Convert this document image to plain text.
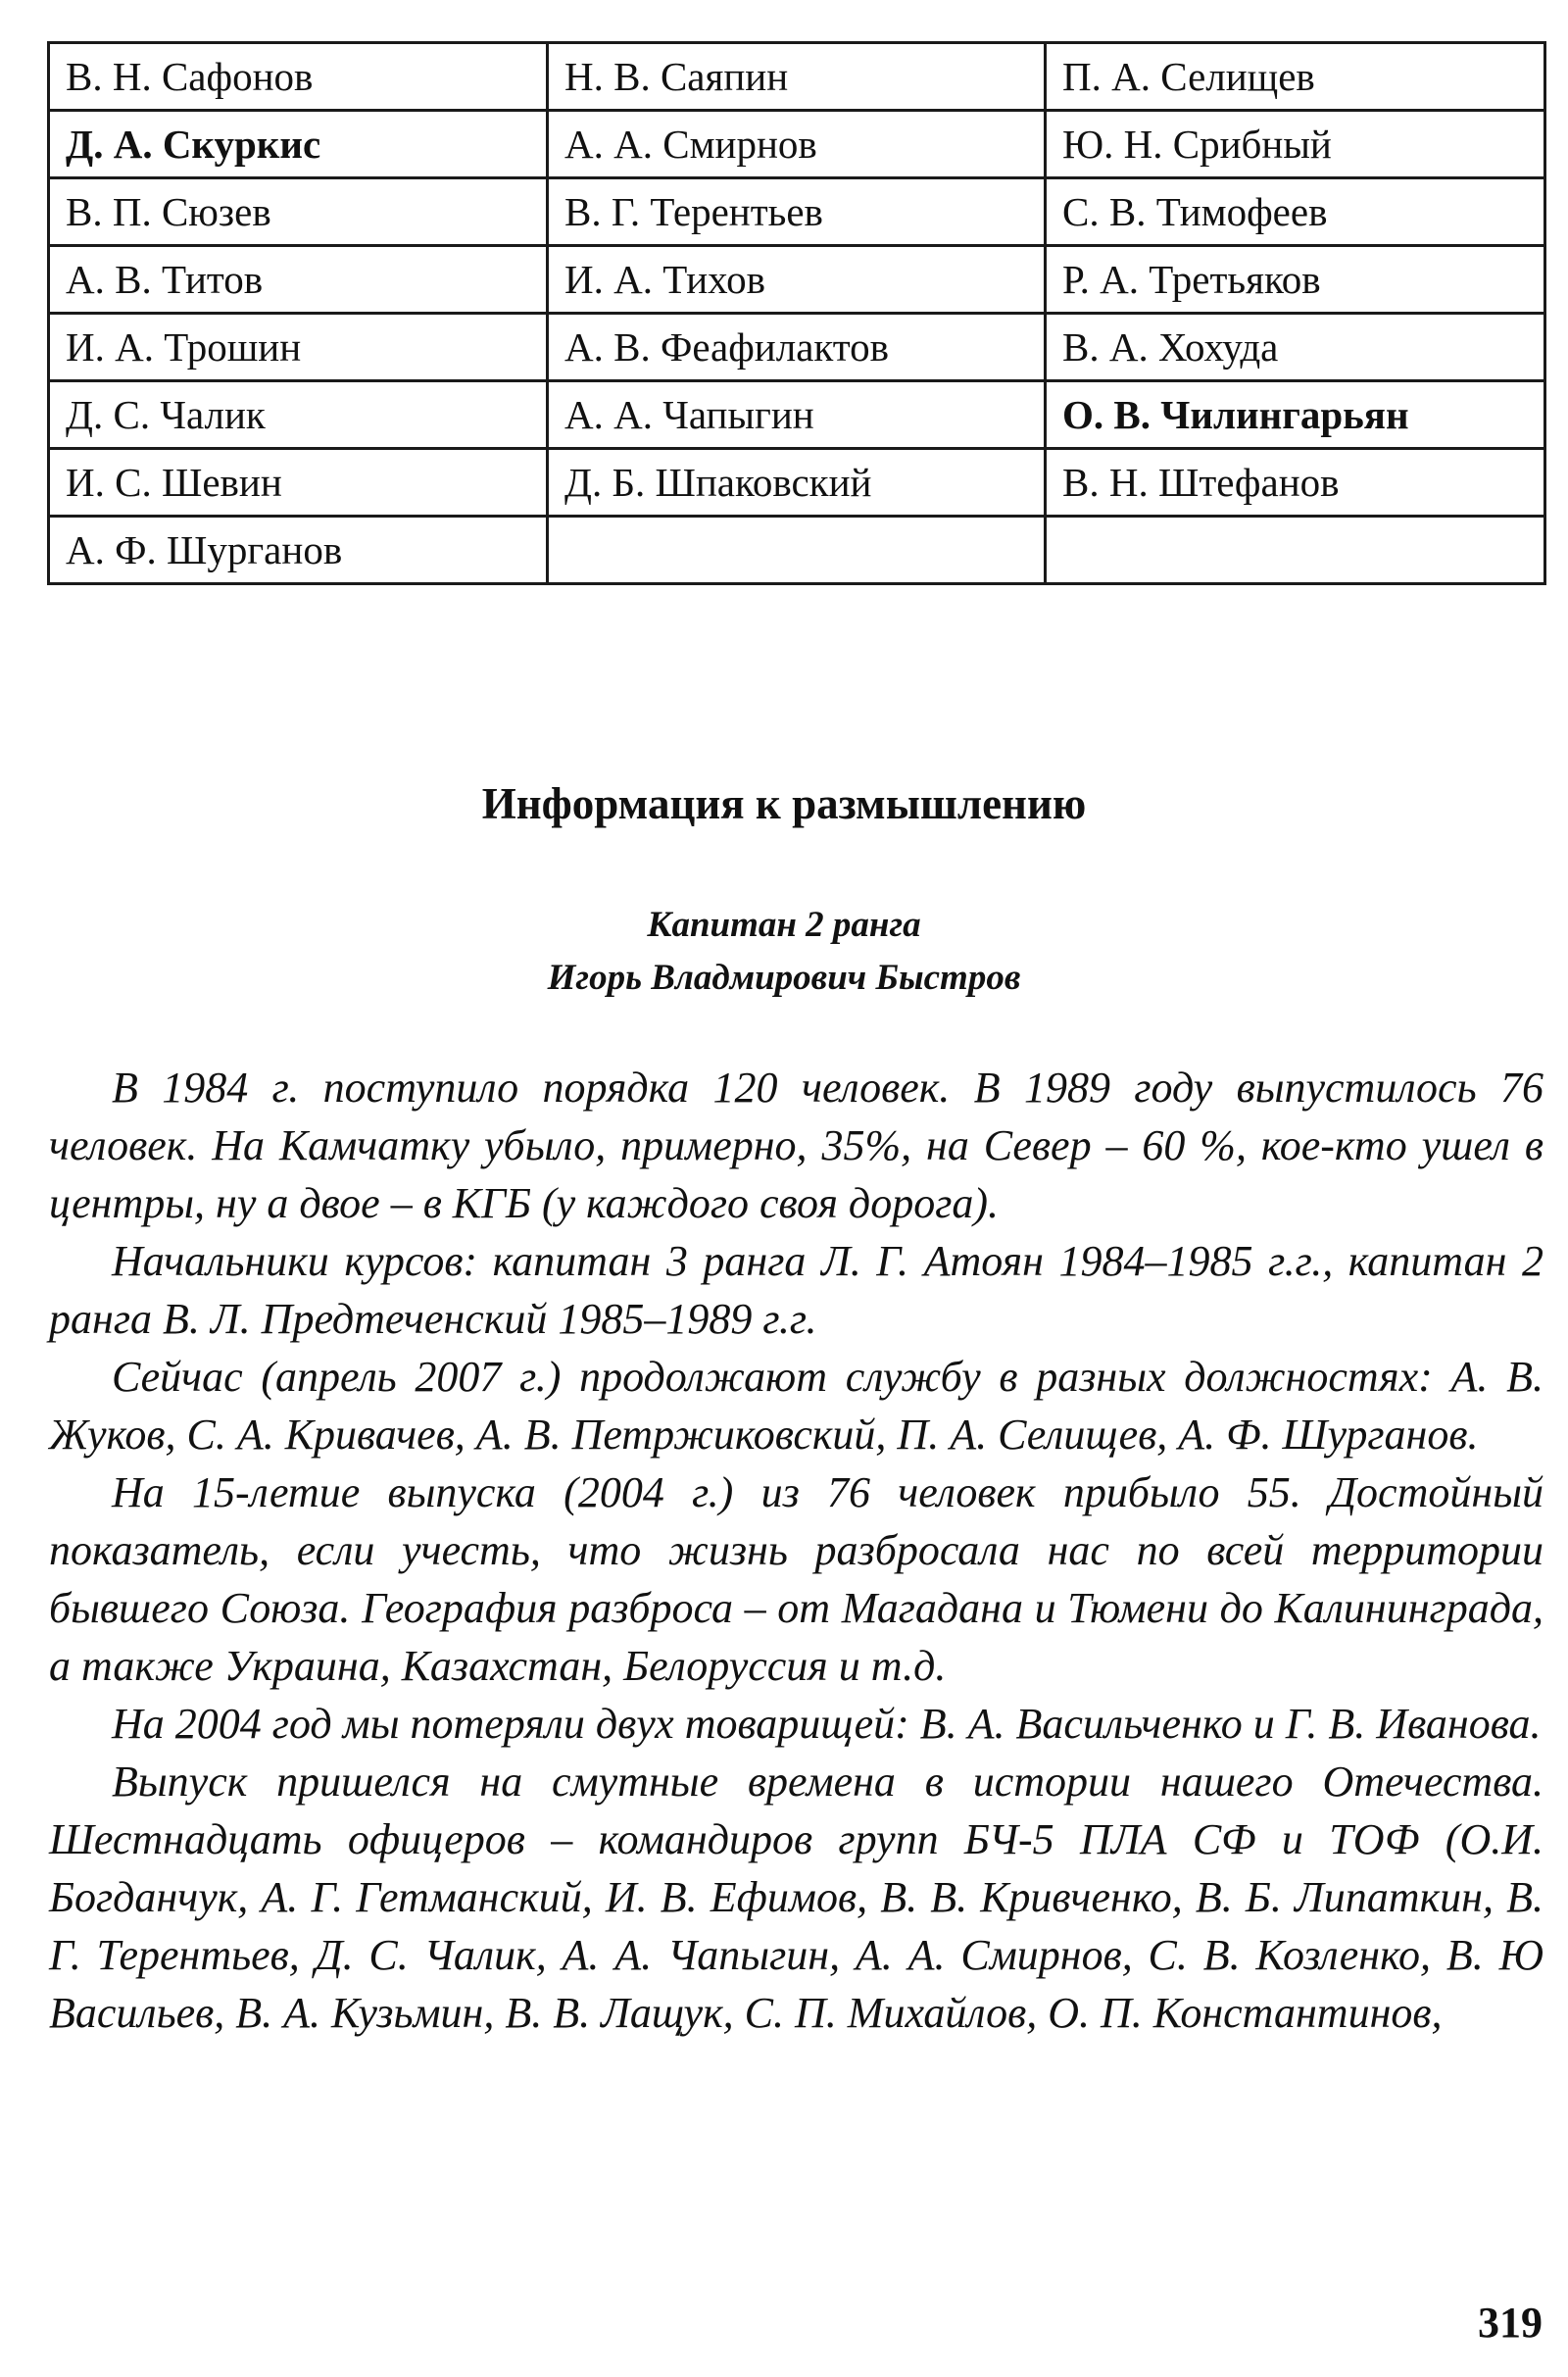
В. Н. Сафонов	Н. В. Саяпин	П. А. Селищев
Д. А. Скуркис	А. А. Смирнов	Ю. Н. Срибный
В. П. Сюзев	В. Г. Терентьев	С. В. Тимофеев
А. В. Титов	И. А. Тихов	Р. А. Третьяков
И. А. Трошин	А. В. Феафилактов	В. А. Хохуда
Д. С. Чалик	А. А. Чапыгин	О. В. Чилингарьян
И. С. Шевин	Д. Б. Шпаковский	В. Н. Штефанов
А. Ф. Шурганов		
Информация к размышлению
Капитан 2 ранга
Игорь Владмирович Быстров

В 1984 г. поступило порядка 120 человек. В 1989 году выпустилось 76 человек. На Камчатку убыло, примерно, 35%, на Север – 60 %, кое-кто ушел в центры, ну а двое – в КГБ (у каждого своя дорога).

Начальники курсов: капитан 3 ранга Л. Г. Атоян 1984–1985 г.г., капитан 2 ранга В. Л. Предтеченский 1985–1989 г.г.

Сейчас (апрель 2007 г.) продолжают службу в разных должностях: А. В. Жуков, С. А. Кривачев, А. В. Петржиковский, П. А. Селищев, А. Ф. Шурганов.

На 15-летие выпуска (2004 г.) из 76 человек прибыло 55. Достойный показатель, если учесть, что жизнь разбросала нас по всей территории бывшего Союза. География разброса – от Магадана и Тюмени до Калининграда, а также Украина, Казахстан, Белоруссия и т.д.

На 2004 год мы потеряли двух товарищей: В. А. Васильченко и Г. В. Иванова.

Выпуск пришелся на смутные времена в истории нашего Отечества. Шестнадцать офицеров – командиров групп БЧ-5 ПЛА СФ и ТОФ (О.И. Богданчук, А. Г. Гетманский, И. В. Ефимов, В. В. Кривченко, В. Б. Липаткин, В. Г. Терентьев, Д. С. Чалик, А. А. Чапыгин, А. А. Смирнов, С. В. Козленко, В. Ю Васильев, В. А. Кузьмин, В. В. Лащук, С. П. Михайлов, О. П. Константинов,

319
